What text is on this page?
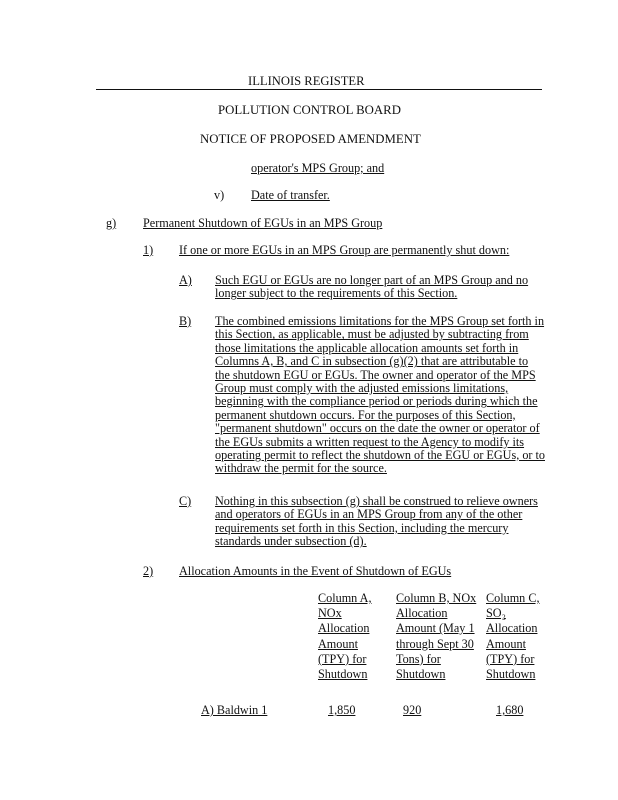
ILLINOIS REGISTER
POLLUTION CONTROL BOARD
NOTICE OF PROPOSED AMENDMENT
operator's MPS Group; and
v) Date of transfer.
g) Permanent Shutdown of EGUs in an MPS Group
1) If one or more EGUs in an MPS Group are permanently shut down:
A) Such EGU or EGUs are no longer part of an MPS Group and no longer subject to the requirements of this Section.
B) The combined emissions limitations for the MPS Group set forth in this Section, as applicable, must be adjusted by subtracting from those limitations the applicable allocation amounts set forth in Columns A, B, and C in subsection (g)(2) that are attributable to the shutdown EGU or EGUs. The owner and operator of the MPS Group must comply with the adjusted emissions limitations, beginning with the compliance period or periods during which the permanent shutdown occurs. For the purposes of this Section, "permanent shutdown" occurs on the date the owner or operator of the EGUs submits a written request to the Agency to modify its operating permit to reflect the shutdown of the EGU or EGUs, or to withdraw the permit for the source.
C) Nothing in this subsection (g) shall be construed to relieve owners and operators of EGUs in an MPS Group from any of the other requirements set forth in this Section, including the mercury standards under subsection (d).
2) Allocation Amounts in the Event of Shutdown of EGUs
Column A, NOx Allocation Amount (TPY) for Shutdown
Column B, NOx Allocation Amount (May 1 through Sept 30 Tons) for Shutdown
Column C, SO₂ Allocation Amount (TPY) for Shutdown
A) Baldwin 1	1,850	920	1,680
